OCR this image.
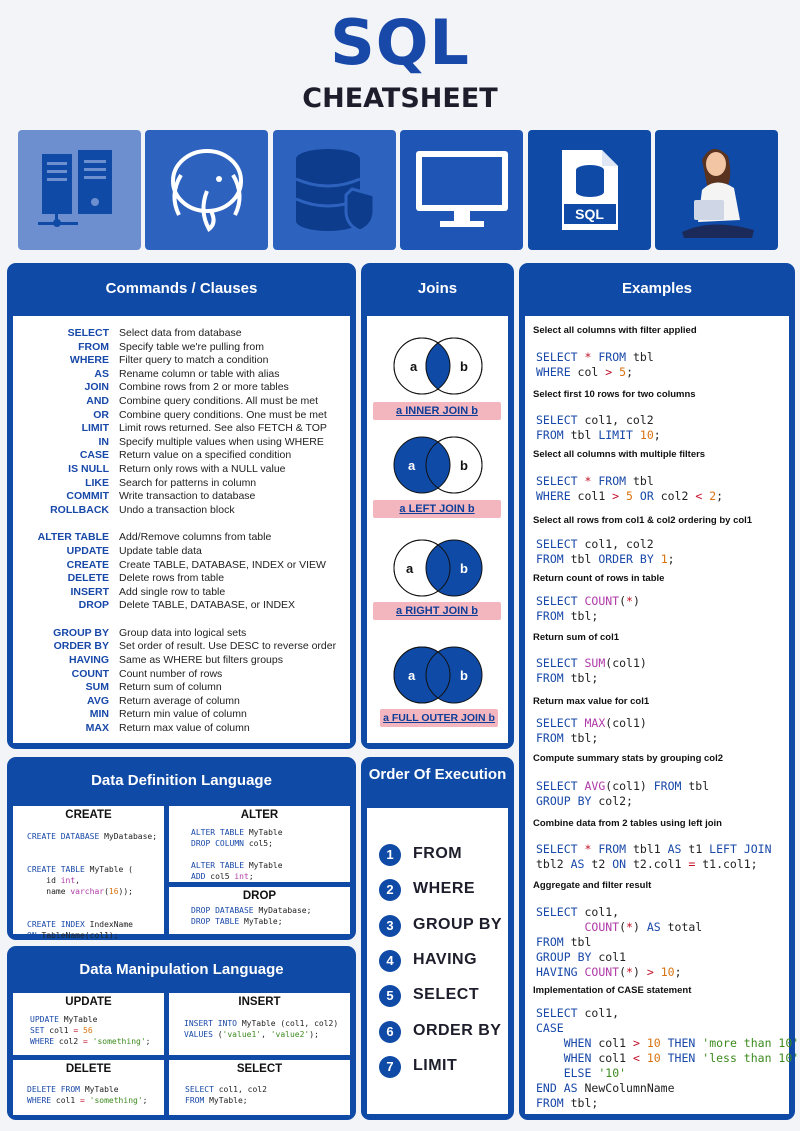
SQL
CHEATSHEET
SQL
Commands / Clauses
SELECT Select data from database
FROM Specify table we're pulling from
WHERE Filter query to match a condition
AS Rename column or table with alias
JOIN Combine rows from 2 or more tables
AND Combine query conditions. All must be met
OR Combine query conditions. One must be met
LIMIT Limit rows returned. See also FETCH & TOP
IN Specify multiple values when using WHERE
CASE Return value on a specified condition
IS NULL Return only rows with a NULL value
LIKE Search for patterns in column
COMMIT Write transaction to database
ROLLBACK Undo a transaction block
ALTER TABLE Add/Remove columns from table
UPDATE Update table data
CREATE Create TABLE, DATABASE, INDEX or VIEW
DELETE Delete rows from table
INSERT Add single row to table
DROP Delete TABLE, DATABASE, or INDEX
GROUP BY Group data into logical sets
ORDER BY Set order of result. Use DESC to reverse order
HAVING Same as WHERE but filters groups
COUNT Count number of rows
SUM Return sum of column
AVG Return average of column
MIN Return min value of column
MAX Return max value of column
Joins
a	b
a INNER JOIN b
a	b
a LEFT JOIN b
a	b
a RIGHT JOIN b
a	b
a FULL OUTER JOIN b
Examples
Select all columns with filter applied
SELECT * FROM tbl
WHERE col > 5;
Select first 10 rows for two columns
SELECT col1, col2
FROM tbl LIMIT 10;
Select all columns with multiple filters
SELECT * FROM tbl
WHERE col1 > 5 OR col2 < 2;
Select all rows from col1 & col2 ordering by col1
SELECT col1, col2
FROM tbl ORDER BY 1;
Return count of rows in table
SELECT COUNT(*)
FROM tbl;
Return sum of col1
SELECT SUM(col1)
FROM tbl;
Return max value for col1
SELECT MAX(col1)
FROM tbl;
Compute summary stats by grouping col2
SELECT AVG(col1) FROM tbl
GROUP BY col2;
Combine data from 2 tables using left join
SELECT * FROM tbl1 AS t1 LEFT JOIN
tbl2 AS t2 ON t2.col1 = t1.col1;
Aggregate and filter result
SELECT col1,
COUNT(*) AS total
FROM tbl
GROUP BY col1
HAVING COUNT(*) > 10;
Implementation of CASE statement
SELECT col1,
CASE
WHEN col1 > 10 THEN 'more than 10'
WHEN col1 < 10 THEN 'less than 10'
ELSE '10'
END AS NewColumnName
FROM tbl;
Data Definition Language
CREATE
CREATE DATABASE MyDatabase;

CREATE TABLE MyTable (
id int,
name varchar(16));

CREATE INDEX IndexName
ON TableName(col1);
ALTER
ALTER TABLE MyTable
DROP COLUMN col5;

ALTER TABLE MyTable
ADD col5 int;
DROP
DROP DATABASE MyDatabase;
DROP TABLE MyTable;
Order Of Execution
1	FROM
2	WHERE
3	GROUP BY
4	HAVING
5	SELECT
6	ORDER BY
7	LIMIT
Data Manipulation Language
UPDATE
UPDATE MyTable
SET col1 = 56
WHERE col2 = 'something';
INSERT
INSERT INTO MyTable (col1, col2)
VALUES ('value1', 'value2');
DELETE
DELETE FROM MyTable
WHERE col1 = 'something';
SELECT
SELECT col1, col2
FROM MyTable;
